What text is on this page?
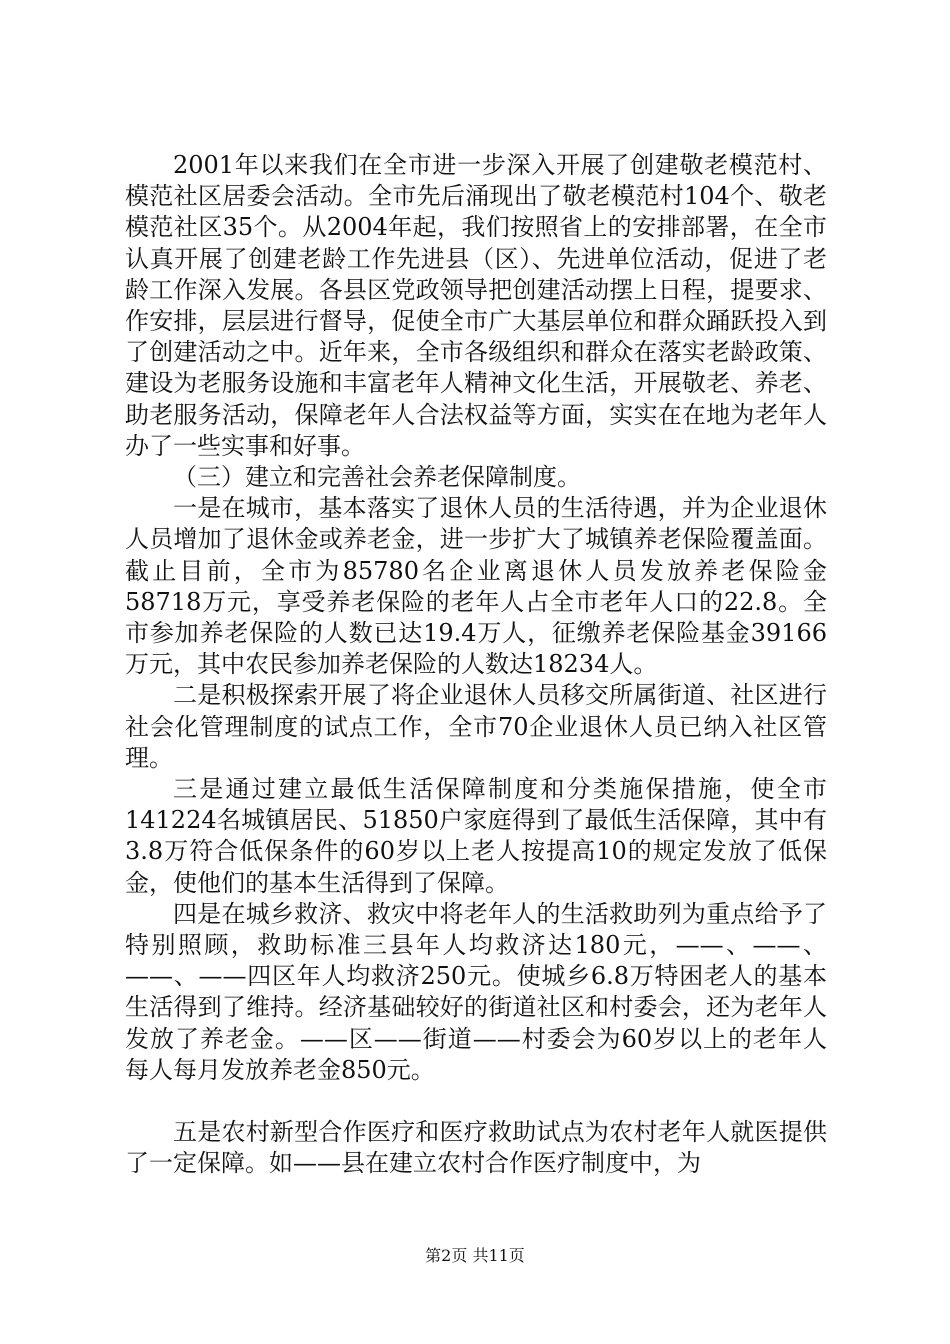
2001年以来我们在全市进一步深入开展了创建敬老模范村、模范社区居委会活动。全市先后涌现出了敬老模范村104个、敬老模范社区35个。从2004年起，我们按照省上的安排部署，在全市认真开展了创建老龄工作先进县（区）、先进单位活动，促进了老龄工作深入发展。各县区党政领导把创建活动摆上日程，提要求、作安排，层层进行督导，促使全市广大基层单位和群众踊跃投入到了创建活动之中。近年来，全市各级组织和群众在落实老龄政策、建设为老服务设施和丰富老年人精神文化生活，开展敬老、养老、助老服务活动，保障老年人合法权益等方面，实实在在地为老年人办了一些实事和好事。

（三）建立和完善社会养老保障制度。

一是在城市，基本落实了退休人员的生活待遇，并为企业退休人员增加了退休金或养老金，进一步扩大了城镇养老保险覆盖面。截止目前，全市为85780名企业离退休人员发放养老保险金58718万元，享受养老保险的老年人占全市老年人口的22.8。全市参加养老保险的人数已达19.4万人，征缴养老保险基金39166万元，其中农民参加养老保险的人数达18234人。

二是积极探索开展了将企业退休人员移交所属街道、社区进行社会化管理制度的试点工作，全市70企业退休人员已纳入社区管理。

三是通过建立最低生活保障制度和分类施保措施，使全市141224名城镇居民、51850户家庭得到了最低生活保障，其中有3.8万符合低保条件的60岁以上老人按提高10的规定发放了低保金，使他们的基本生活得到了保障。

四是在城乡救济、救灾中将老年人的生活救助列为重点给予了特别照顾，救助标准三县年人均救济达180元，——、——、——、——四区年人均救济250元。使城乡6.8万特困老人的基本生活得到了维持。经济基础较好的街道社区和村委会，还为老年人发放了养老金。——区——街道——村委会为60岁以上的老年人每人每月发放养老金850元。

五是农村新型合作医疗和医疗救助试点为农村老年人就医提供了一定保障。如——县在建立农村合作医疗制度中，为

第2页 共11页
